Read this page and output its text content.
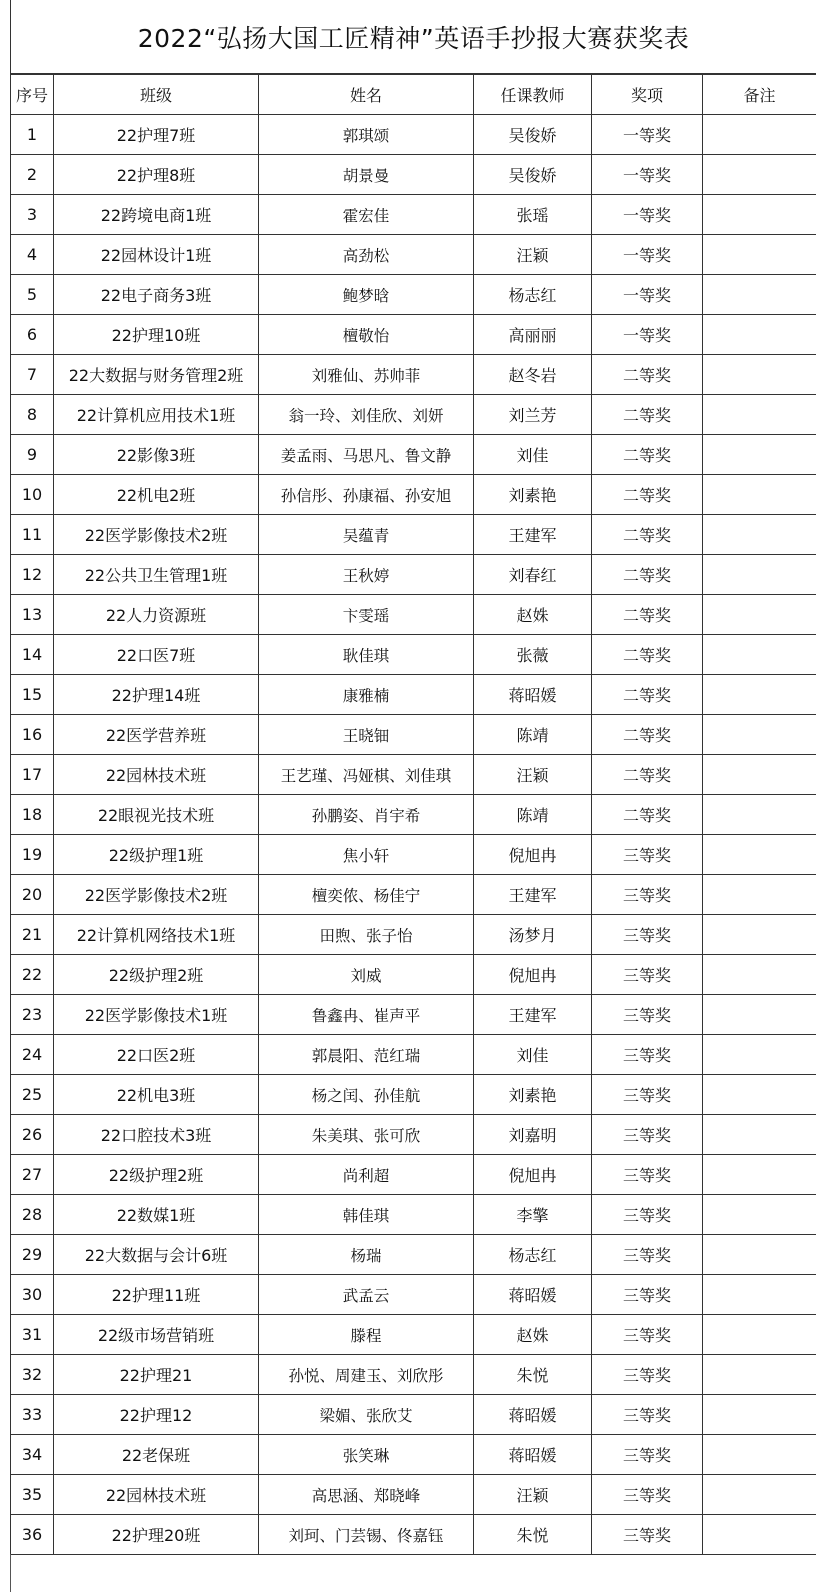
2022“弘扬大国工匠精神”英语手抄报大赛获奖表
序号	班级	姓名	任课教师	奖项	备注
1	22护理7班	郭琪颂	吴俊娇	一等奖	
2	22护理8班	胡景曼	吴俊娇	一等奖	
3	22跨境电商1班	霍宏佳	张瑶	一等奖	
4	22园林设计1班	高劲松	汪颖	一等奖	
5	22电子商务3班	鲍梦晗	杨志红	一等奖	
6	22护理10班	檀敬怡	高丽丽	一等奖	
7	22大数据与财务管理2班	刘雅仙、苏帅菲	赵冬岩	二等奖	
8	22计算机应用技术1班	翁一玲、刘佳欣、刘妍	刘兰芳	二等奖	
9	22影像3班	姜孟雨、马思凡、鲁文静	刘佳	二等奖	
10	22机电2班	孙信彤、孙康福、孙安旭	刘素艳	二等奖	
11	22医学影像技术2班	吴蕴青	王建军	二等奖	
12	22公共卫生管理1班	王秋婷	刘春红	二等奖	
13	22人力资源班	卞雯瑶	赵姝	二等奖	
14	22口医7班	耿佳琪	张薇	二等奖	
15	22护理14班	康雅楠	蒋昭媛	二等奖	
16	22医学营养班	王晓钿	陈靖	二等奖	
17	22园林技术班	王艺瑾、冯娅棋、刘佳琪	汪颖	二等奖	
18	22眼视光技术班	孙鹏姿、肖宇希	陈靖	二等奖	
19	22级护理1班	焦小轩	倪旭冉	三等奖	
20	22医学影像技术2班	檀奕侬、杨佳宁	王建军	三等奖	
21	22计算机网络技术1班	田煦、张子怡	汤梦月	三等奖	
22	22级护理2班	刘威	倪旭冉	三等奖	
23	22医学影像技术1班	鲁鑫冉、崔声平	王建军	三等奖	
24	22口医2班	郭晨阳、范红瑞	刘佳	三等奖	
25	22机电3班	杨之闰、孙佳航	刘素艳	三等奖	
26	22口腔技术3班	朱美琪、张可欣	刘嘉明	三等奖	
27	22级护理2班	尚利超	倪旭冉	三等奖	
28	22数媒1班	韩佳琪	李擎	三等奖	
29	22大数据与会计6班	杨瑞	杨志红	三等奖	
30	22护理11班	武孟云	蒋昭媛	三等奖	
31	22级市场营销班	滕程	赵姝	三等奖	
32	22护理21	孙悦、周建玉、刘欣彤	朱悦	三等奖	
33	22护理12	梁媚、张欣艾	蒋昭媛	三等奖	
34	22老保班	张笑琳	蒋昭媛	三等奖	
35	22园林技术班	高思涵、郑晓峰	汪颖	三等奖	
36	22护理20班	刘珂、门芸锡、佟嘉钰	朱悦	三等奖	
